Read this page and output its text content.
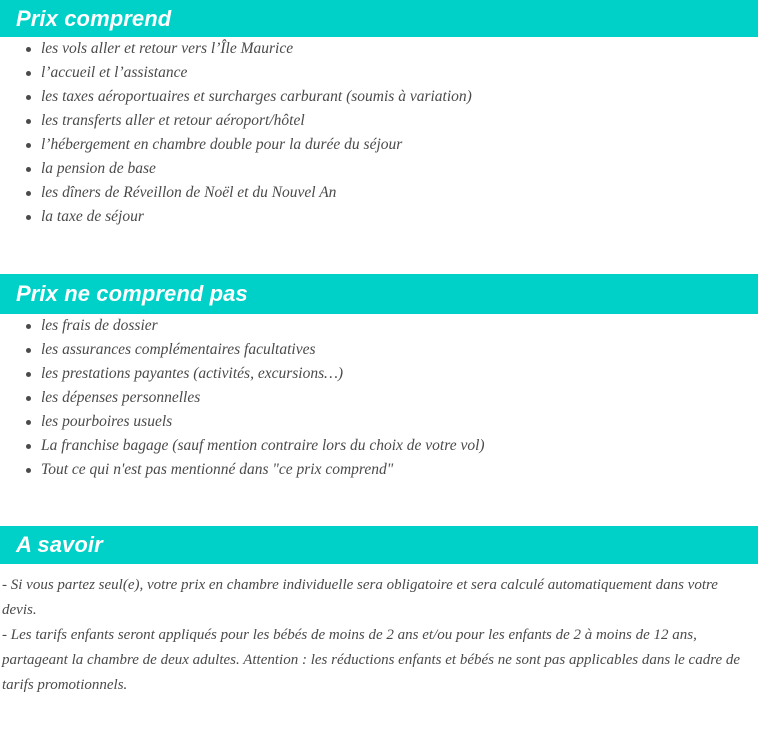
Prix comprend
les vols aller et retour vers l’Île Maurice
l’accueil et l’assistance
les taxes aéroportuaires et surcharges carburant (soumis à variation)
les transferts aller et retour aéroport/hôtel
l’hébergement en chambre double pour la durée du séjour
la pension de base
les dîners de Réveillon de Noël et du Nouvel An
la taxe de séjour
Prix ne comprend pas
les frais de dossier
les assurances complémentaires facultatives
les prestations payantes (activités, excursions…)
les dépenses personnelles
les pourboires usuels
La franchise bagage (sauf mention contraire lors du choix de votre vol)
Tout ce qui n'est pas mentionné dans "ce prix comprend"
A savoir

- Si vous partez seul(e), votre prix en chambre individuelle sera obligatoire et sera calculé automatiquement dans votre devis.

- Les tarifs enfants seront appliqués pour les bébés de moins de 2 ans et/ou pour les enfants de 2 à moins de 12 ans, partageant la chambre de deux adultes. Attention : les réductions enfants et bébés ne sont pas applicables dans le cadre de tarifs promotionnels.
